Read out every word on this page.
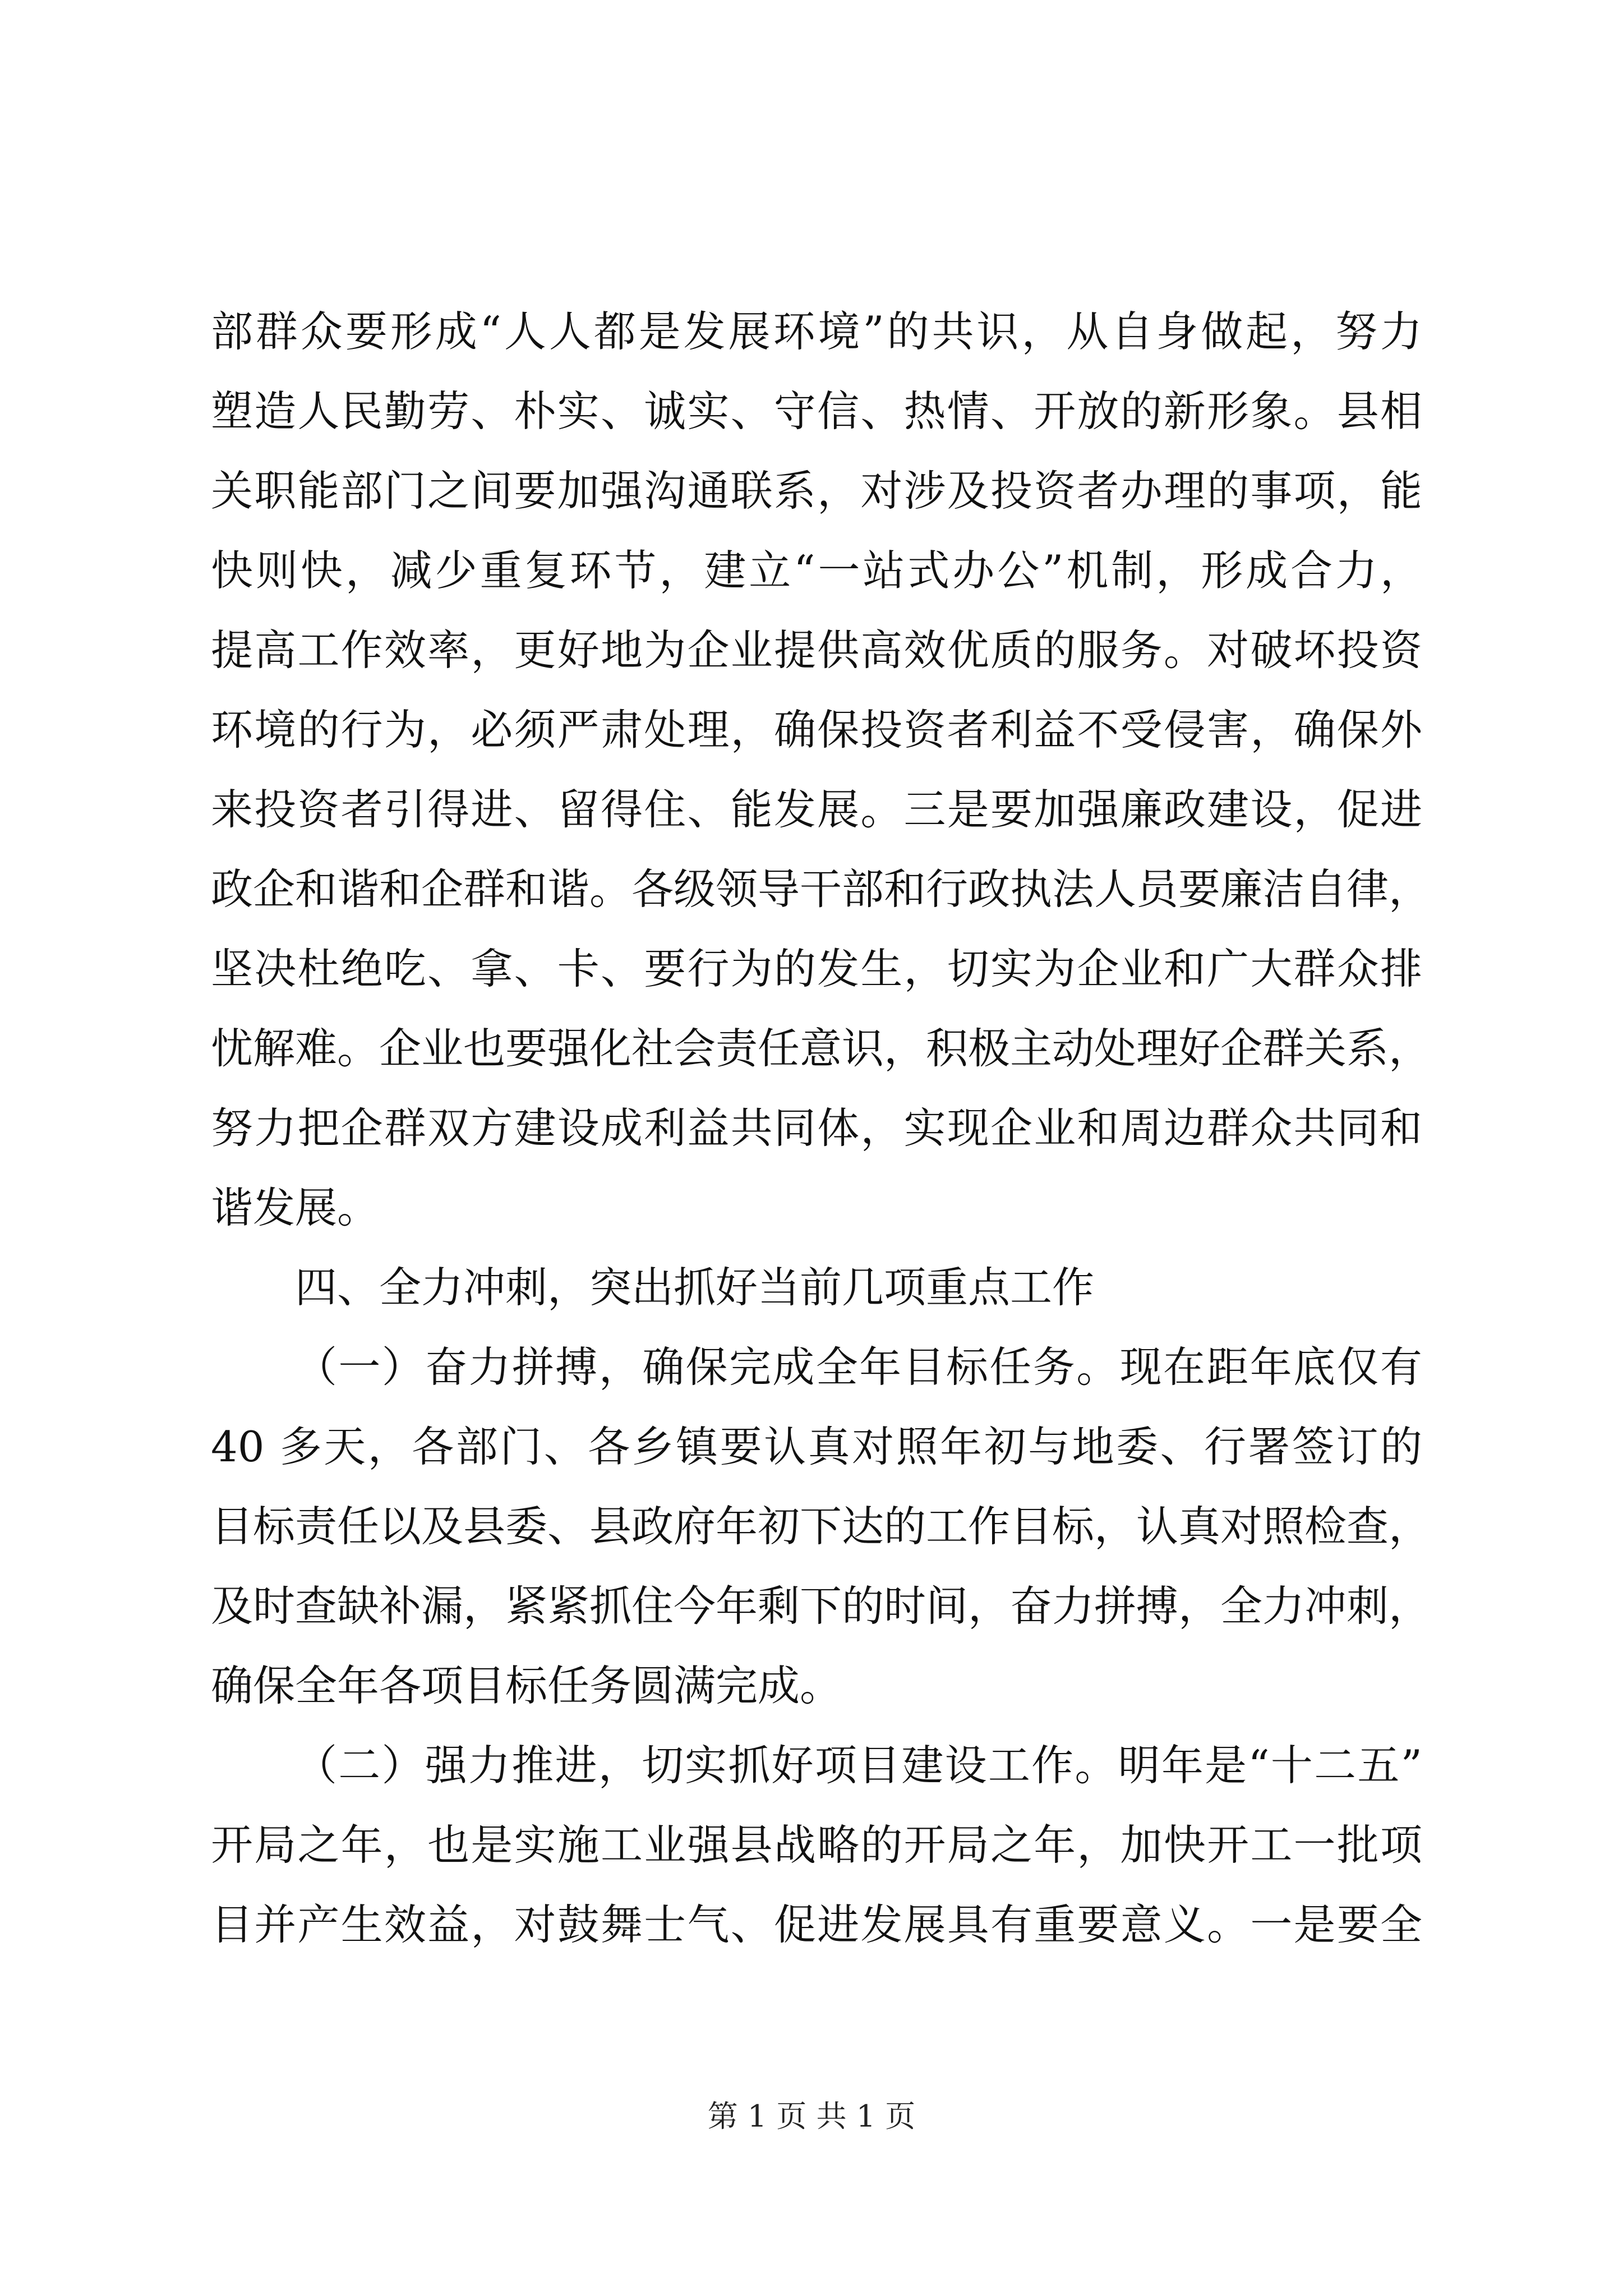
部群众要形成“人人都是发展环境”的共识，从自身做起，努力
塑造人民勤劳、朴实、诚实、守信、热情、开放的新形象。县相
关职能部门之间要加强沟通联系，对涉及投资者办理的事项，能
快则快，减少重复环节，建立“一站式办公”机制，形成合力，
提高工作效率，更好地为企业提供高效优质的服务。对破坏投资
环境的行为，必须严肃处理，确保投资者利益不受侵害，确保外
来投资者引得进、留得住、能发展。三是要加强廉政建设，促进
政企和谐和企群和谐。各级领导干部和行政执法人员要廉洁自律，
坚决杜绝吃、拿、卡、要行为的发生，切实为企业和广大群众排
忧解难。企业也要强化社会责任意识，积极主动处理好企群关系，
努力把企群双方建设成利益共同体，实现企业和周边群众共同和
谐发展。
四、全力冲刺，突出抓好当前几项重点工作
（一）奋力拼搏，确保完成全年目标任务。现在距年底仅有
40 多天，各部门、各乡镇要认真对照年初与地委、行署签订的
目标责任以及县委、县政府年初下达的工作目标，认真对照检查，
及时查缺补漏，紧紧抓住今年剩下的时间，奋力拼搏，全力冲刺，
确保全年各项目标任务圆满完成。
（二）强力推进，切实抓好项目建设工作。明年是“十二五”
开局之年，也是实施工业强县战略的开局之年，加快开工一批项
目并产生效益，对鼓舞士气、促进发展具有重要意义。一是要全
第 1 页 共 1 页
